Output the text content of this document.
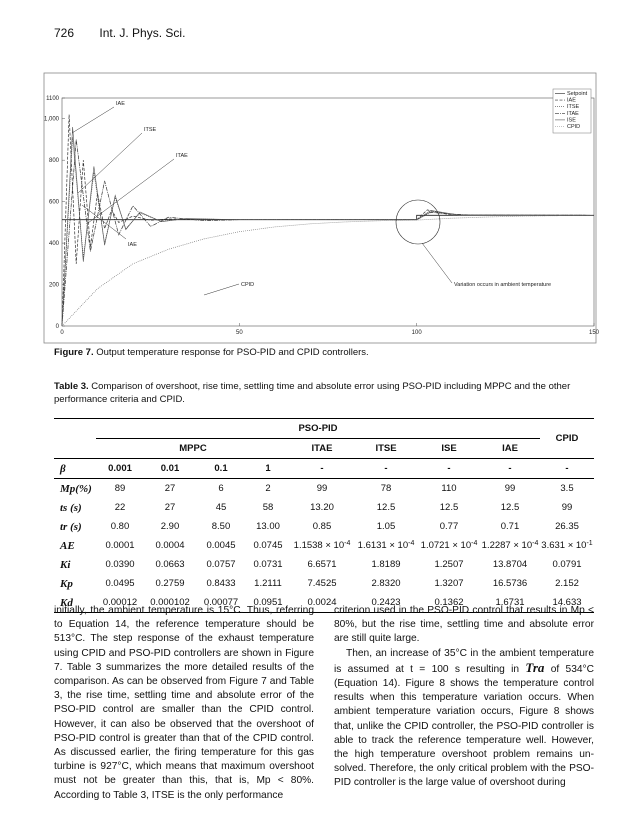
726 Int. J. Phys. Sci.
1100
1,000
800
600
400
200
0
0	50	100	150
Setpoint
IAE
ITSE
ITAE
ISE
CPID
IAE
ITSE
ITAE
IAE
CPID	Variation occurs in ambient temperature
Figure 7. Output temperature response for PSO-PID and CPID controllers.
Table 3. Comparison of overshoot, rise time, settling time and absolute error using PSO-PID including MPPC and the other performance criteria and CPID.
	PSO-PID								CPID
	MPPC				ITAE	ITSE	ISE	IAE	
β	0.001	0.01	0.1	1	-	-	-	-	-
Mp(%)	89	27	6	2	99	78	110	99	3.5
ts (s)	22	27	45	58	13.20	12.5	12.5	12.5	99
tr (s)	0.80	2.90	8.50	13.00	0.85	1.05	0.77	0.71	26.35
AE	0.0001	0.0004	0.0045	0.0745	$1.1538 \times 10^{-4}$	$1.6131 \times 10^{-4}$	$1.0721 \times 10^{-4}$	$1.2287 \times 10^{-4}$	$3.631 \times 10^{-1}$
Ki	0.0390	0.0663	0.0757	0.0731	6.6571	1.8189	1.2507	13.8704	0.0791
Kp	0.0495	0.2759	0.8433	1.2111	7.4525	2.8320	1.3207	16.5736	2.152
Kd	0.00012	0.000102	0.00077	0.0951	0.0024	0.2423	0.1362	1.6731	14.633

initially, the ambient temperature is 15°C. Thus, referring to Equation 14, the reference temperature should be 513°C. The step response of the exhaust temperature using CPID and PSO-PID controllers are shown in Figure 7. Table 3 summarizes the more detailed results of the comparison. As can be observed from Figure 7 and Table 3, the rise time, settling time and absolute error of the PSO-PID control are smaller than the CPID control. However, it can also be observed that the overshoot of PSO-PID control is greater than that of the CPID control. As discussed earlier, the firing temperature for this gas turbine is 927°C, which means that maximum overshoot must not be greater than this, that is, Mp < 80%. According to Table 3, ITSE is the only performance

criterion used in the PSO-PID control that results in Mp < 80%, but the rise time, settling time and absolute error are still quite large.

Then, an increase of 35°C in the ambient temperature is assumed at t = 100 s resulting in Tra of 534°C (Equation 14). Figure 8 shows the temperature control results when this temperature variation occurs. When ambient temperature variation occurs, Figure 8 shows that, unlike the CPID controller, the PSO-PID controller is able to track the reference temperature well. However, the high temperature overshoot problem remains un- solved. Therefore, the only critical problem with the PSO-PID controller is the large value of overshoot during
